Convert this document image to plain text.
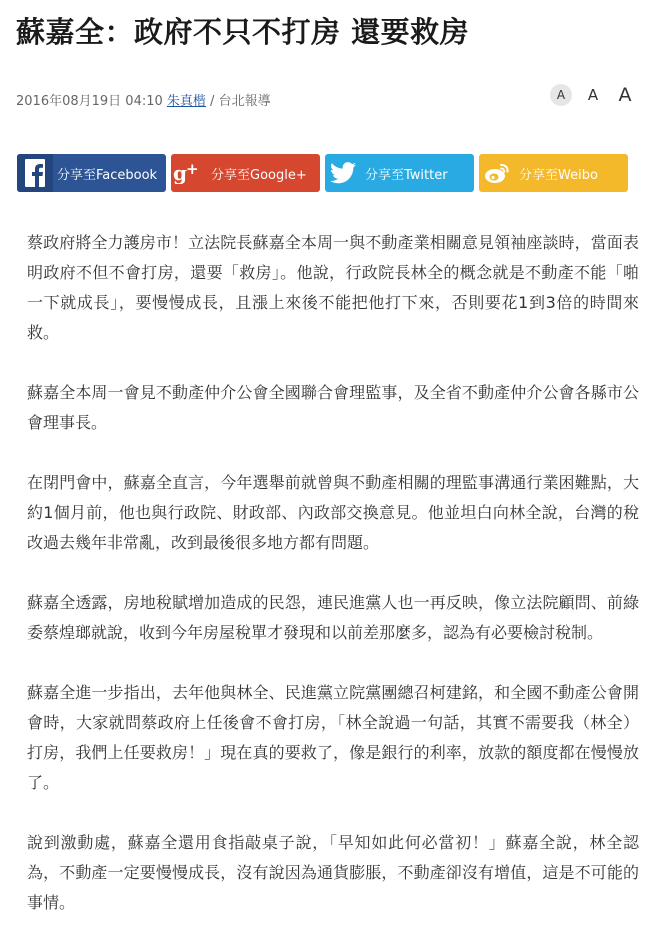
蘇嘉全：政府不只不打房 還要救房
2016年08月19日 04:10 朱真楷 / 台北報導	A	A	A
分享至Facebook g + 分享至Google+	分享至Twitter	分享至Weibo

蔡政府將全力護房市！立法院長蘇嘉全本周一與不動產業相關意見領袖座談時，當面表明政府不但不會打房，還要「救房」。他說，行政院長林全的概念就是不動產不能「啪一下就成長」，要慢慢成長，且漲上來後不能把他打下來，否則要花1到3倍的時間來救。

蘇嘉全本周一會見不動產仲介公會全國聯合會理監事，及全省不動產仲介公會各縣市公會理事長。

在閉門會中，蘇嘉全直言，今年選舉前就曾與不動產相關的理監事溝通行業困難點，大約1個月前，他也與行政院、財政部、內政部交換意見。他並坦白向林全說，台灣的稅改過去幾年非常亂，改到最後很多地方都有問題。

蘇嘉全透露，房地稅賦增加造成的民怨，連民進黨人也一再反映，像立法院顧問、前綠委蔡煌瑯就說，收到今年房屋稅單才發現和以前差那麼多，認為有必要檢討稅制。

蘇嘉全進一步指出，去年他與林全、民進黨立院黨團總召柯建銘，和全國不動產公會開會時，大家就問蔡政府上任後會不會打房，「林全說過一句話，其實不需要我（林全）打房，我們上任要救房！」現在真的要救了，像是銀行的利率，放款的額度都在慢慢放了。

說到激動處，蘇嘉全還用食指敲桌子說，「早知如此何必當初！」蘇嘉全說，林全認為，不動產一定要慢慢成長，沒有說因為通貨膨脹，不動產卻沒有增值，這是不可能的事情。
